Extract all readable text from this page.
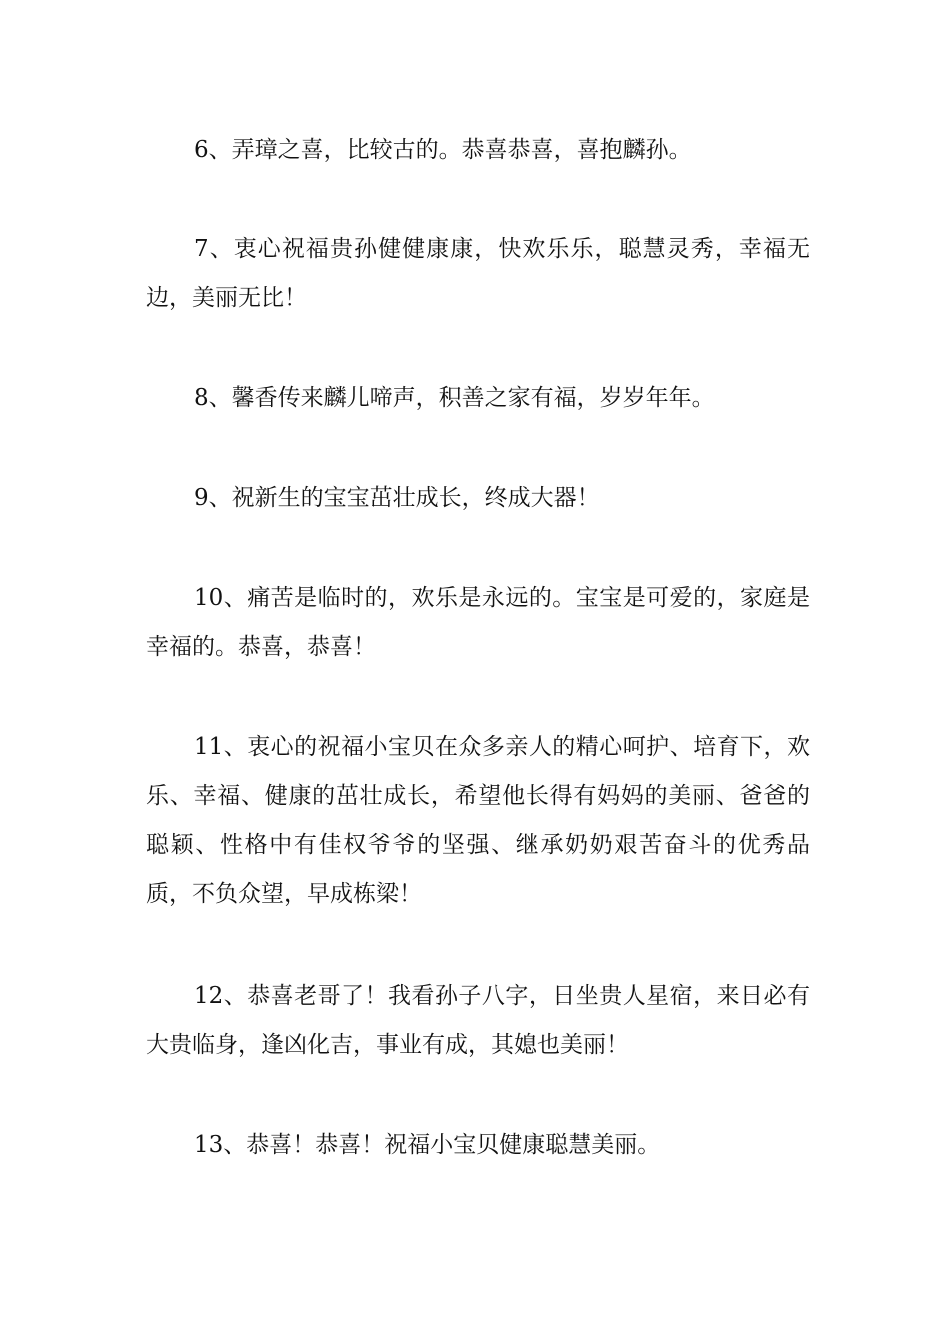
6、弄璋之喜，比较古的。恭喜恭喜，喜抱麟孙。

7、衷心祝福贵孙健健康康，快欢乐乐，聪慧灵秀，幸福无边，美丽无比！

8、馨香传来麟儿啼声，积善之家有福，岁岁年年。

9、祝新生的宝宝茁壮成长，终成大器！

10、痛苦是临时的，欢乐是永远的。宝宝是可爱的，家庭是幸福的。恭喜，恭喜！

11、衷心的祝福小宝贝在众多亲人的精心呵护、培育下，欢乐、幸福、健康的茁壮成长，希望他长得有妈妈的美丽、爸爸的聪颖、性格中有佳权爷爷的坚强、继承奶奶艰苦奋斗的优秀品质，不负众望，早成栋梁！

12、恭喜老哥了！我看孙子八字，日坐贵人星宿，来日必有大贵临身，逢凶化吉，事业有成，其媳也美丽！

13、恭喜！恭喜！祝福小宝贝健康聪慧美丽。
